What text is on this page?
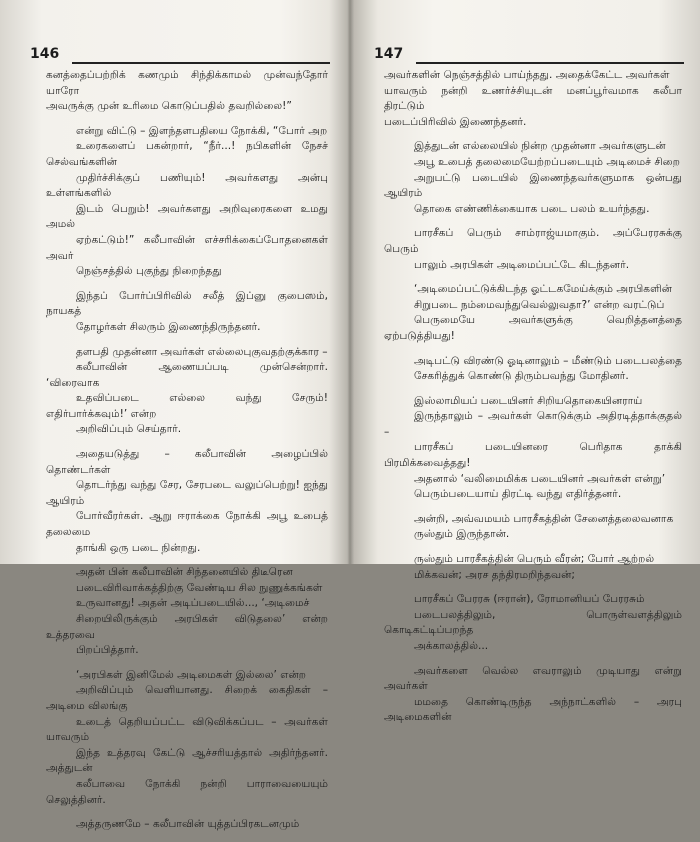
146
கனத்தைப்பற்றிக் கணமும் சிந்திக்காமல் முன்வந்தோர் யாரோ
அவருக்கு முன் உரிமை கொடுப்பதில் தவறில்லை!”
என்று விட்டு – இளந்தளபதியை நோக்கி, “போர் அற
உரைகளைப் பகன்றார், “நீர்...! நபிகளின் நேசச் செல்வங்களின்
முதிர்ச்சிக்குப் பணியும்! அவர்களது அன்பு உள்ளங்களில்
இடம் பெறும்! அவர்களது அறிவுரைகளை உமது அமல்
ஏற்கட்டும்!” கலீபாவின் எச்சரிக்கைப்போதனைகள் அவர்
நெஞ்சத்தில் புகுந்து நிறைந்தது
இந்தப் போர்ப்பிரிவில் சலீத் இப்னு குபைஸம், நாயகத்
தோழர்கள் சிலரும் இணைந்திருந்தனர்.
தளபதி முதன்னா அவர்கள் எல்லைபுகுவதற்குக்கார –
கலீபாவின் ஆணையப்படி முன்சென்றார். ‘விரைவாக
உதவிப்படை எல்லை வந்து சேரும்! எதிர்பார்க்கவும்!’ என்ற
அறிவிப்பும் செய்தார்.
அதையடுத்து – கலீபாவின் அழைப்பில் தொண்டர்கள்
தொடர்ந்து வந்து சேர, சேரபடை வலுப்பெற்று! ஐந்து ஆயிரம்
போர்வீரர்கள். ஆறு ஈராக்கை நோக்கி அபூ உபைத் தலைமை
தாங்கி ஒரு படை நின்றது.
அதன் பின் கலீபாவின் சிந்தனையில் திடீரென
படைவிரிவாக்கத்திற்கு வேண்டிய சில நுணுக்கங்கள்
உருவானது! அதன் அடிப்படையில்..., ‘அடிமைச்
சிறையிலிருக்கும் அரபிகள் விடுதலை’ என்ற உத்தரவை
பிறப்பித்தார்.
‘அரபிகள் இனிமேல் அடிமைகள் இல்லை’ என்ற
அறிவிப்பும் வெளியானது. சிறைக் கைதிகள் – அடிமை விலங்கு
உடைத் தெறியப்பட்ட விடுவிக்கப்பட – அவர்கள் யாவரும்
இந்த உத்தரவு கேட்டு ஆச்சரியத்தால் அதிர்ந்தனர். அத்துடன்
கலீபாவை நோக்கி நன்றி பாராவையையும் செலுத்தினர்.
அத்தருணமே – கலீபாவின் யுத்தப்பிரகடனமும்
147
அவர்களின் நெஞ்சத்தில் பாய்ந்தது. அதைக்கேட்ட அவர்கள்
யாவரும் நன்றி உணர்ச்சியுடன் மனப்பூர்வமாக கலீபா திரட்டும்
படைப்பிரிவில் இணைந்தனர்.
இத்துடன் எல்லையில் நின்ற முதன்னா அவர்களுடன்
அபூ உபைத் தலைமையேற்றப்படையும் அடிமைச் சிறை
அறுபட்டு படையில் இணைந்தவர்களுமாக ஒன்பது ஆயிரம்
தொகை எண்ணிக்கையாக படை பலம் உயர்ந்தது.
பாரசீகப் பெரும் சாம்ராஜ்யமாகும். அப்பேரரசுக்கு பெரும்
பாலும் அரபிகள் அடிமைப்பட்டே கிடந்தனர்.
‘அடிமைப்பட்டுக்கிடந்த ஓட்டகமேய்க்கும் அரபிகளின்
சிறுபடை நம்மைவந்துவெல்லுவதா?’ என்ற வரட்டுப்
பெருமையே அவர்களுக்கு வெறித்தனத்தை ஏற்படுத்தியது!
அடிபட்டு விரண்டு ஓடினாலும் – மீண்டும் படைபலத்தை
சேகரித்துக் கொண்டு திரும்பவந்து மோதினர்.
இஸ்லாமியப் படையினர் சிறியதொகையினராய்
இருந்தாலும் – அவர்கள் கொடுக்கும் அதிரடித்தாக்குதல் –
பாரசீகப் படையினரை பெரிதாக தாக்கி பிரமிக்கவைத்தது!
அதனால் ‘வலிமைமிக்க படையினர் அவர்கள் என்று’
பெரும்படையாய் திரட்டி வந்து எதிர்த்தனர்.
அன்றி, அவ்வமயம் பாரசீகத்தின் சேனைத்தலைவனாக
ருஸ்தும் இருந்தான்.
ருஸ்தும் பாரசீகத்தின் பெரும் வீரன்; போர் ஆற்றல்
மிக்கவன்; அரச தந்திரமறிந்தவன்;
பாரசீகப் பேரரசு (ஈரான்), ரோமானியப் பேரரசும்
படைபலத்திலும், பொருள்வளத்திலும் கொடிகட்டிப்பறந்த
அக்காலத்தில்...
அவர்களை வெல்ல எவராலும் முடியாது என்று அவர்கள்
மமதை கொண்டிருந்த அந்நாட்களில் – அரபு அடிமைகளின்
